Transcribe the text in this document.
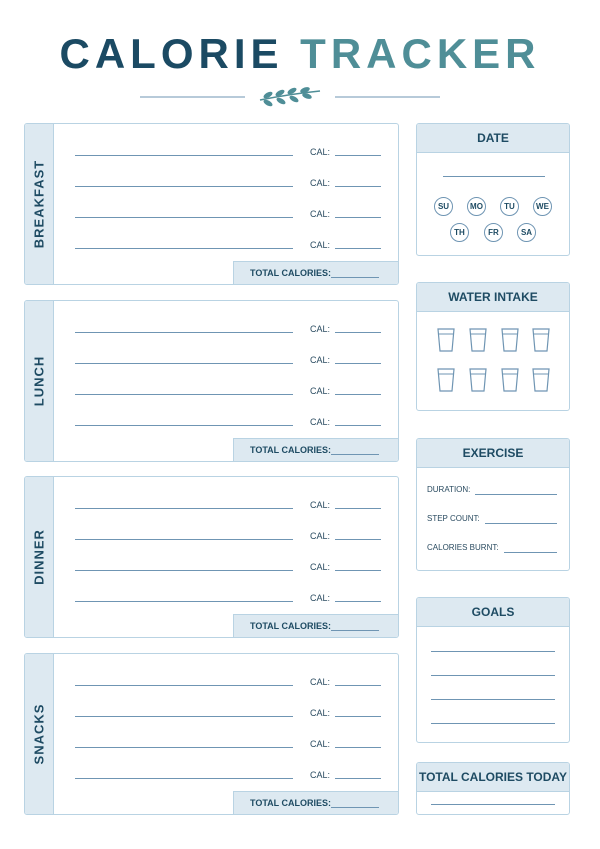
CALORIE TRACKER
BREAKFAST
CAL:
CAL:
CAL:
CAL:
TOTAL CALORIES:
LUNCH
CAL:
CAL:
CAL:
CAL:
TOTAL CALORIES:
DINNER
CAL:
CAL:
CAL:
CAL:
TOTAL CALORIES:
SNACKS
CAL:
CAL:
CAL:
CAL:
TOTAL CALORIES:
DATE
SU	MO	TU	WE
TH	FR	SA
WATER INTAKE
EXERCISE
DURATION:
STEP COUNT:
CALORIES BURNT:
GOALS
TOTAL CALORIES TODAY
